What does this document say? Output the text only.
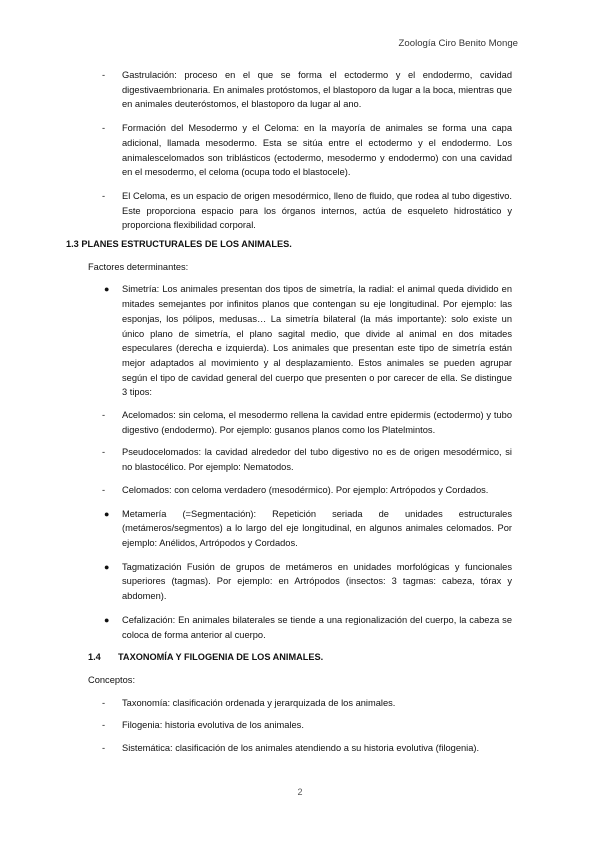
Zoología Ciro Benito Monge
- Gastrulación: proceso en el que se forma el ectodermo y el endodermo, cavidad digestivaembrionaria. En animales protóstomos, el blastoporo da lugar a la boca, mientras que en animales deuteróstomos, el blastoporo da lugar al ano.
- Formación del Mesodermo y el Celoma: en la mayoría de animales se forma una capa adicional, llamada mesodermo. Esta se sitúa entre el ectodermo y el endodermo. Los animalescelomados son triblásticos (ectodermo, mesodermo y endodermo) con una cavidad en el mesodermo, el celoma (ocupa todo el blastocele).
- El Celoma, es un espacio de origen mesodérmico, lleno de fluido, que rodea al tubo digestivo. Este proporciona espacio para los órganos internos, actúa de esqueleto hidrostático y proporciona flexibilidad corporal.
1.3 PLANES ESTRUCTURALES DE LOS ANIMALES.
Factores determinantes:
● Simetría: Los animales presentan dos tipos de simetría, la radial: el animal queda dividido en mitades semejantes por infinitos planos que contengan su eje longitudinal. Por ejemplo: las esponjas, los pólipos, medusas… La simetría bilateral (la más importante): solo existe un único plano de simetría, el plano sagital medio, que divide al animal en dos mitades especulares (derecha e izquierda). Los animales que presentan este tipo de simetría están mejor adaptados al movimiento y al desplazamiento. Estos animales se pueden agrupar según el tipo de cavidad general del cuerpo que presenten o por carecer de ella. Se distingue 3 tipos:
- Acelomados: sin celoma, el mesodermo rellena la cavidad entre epidermis (ectodermo) y tubo digestivo (endodermo). Por ejemplo: gusanos planos como los Platelmintos.
- Pseudocelomados: la cavidad alrededor del tubo digestivo no es de origen mesodérmico, si no blastocélico. Por ejemplo: Nematodos.
- Celomados: con celoma verdadero (mesodérmico). Por ejemplo: Artrópodos y Cordados.
● Metamería (=Segmentación): Repetición seriada de unidades estructurales (metámeros/segmentos) a lo largo del eje longitudinal, en algunos animales celomados. Por ejemplo: Anélidos, Artrópodos y Cordados.
● Tagmatización Fusión de grupos de metámeros en unidades morfológicas y funcionales superiores (tagmas). Por ejemplo: en Artrópodos (insectos: 3 tagmas: cabeza, tórax y abdomen).
● Cefalización: En animales bilaterales se tiende a una regionalización del cuerpo, la cabeza se coloca de forma anterior al cuerpo.
1.4	TAXONOMÍA Y FILOGENIA DE LOS ANIMALES.
Conceptos:
- Taxonomía: clasificación ordenada y jerarquizada de los animales.
- Filogenia: historia evolutiva de los animales.
- Sistemática: clasificación de los animales atendiendo a su historia evolutiva (filogenia).
2
